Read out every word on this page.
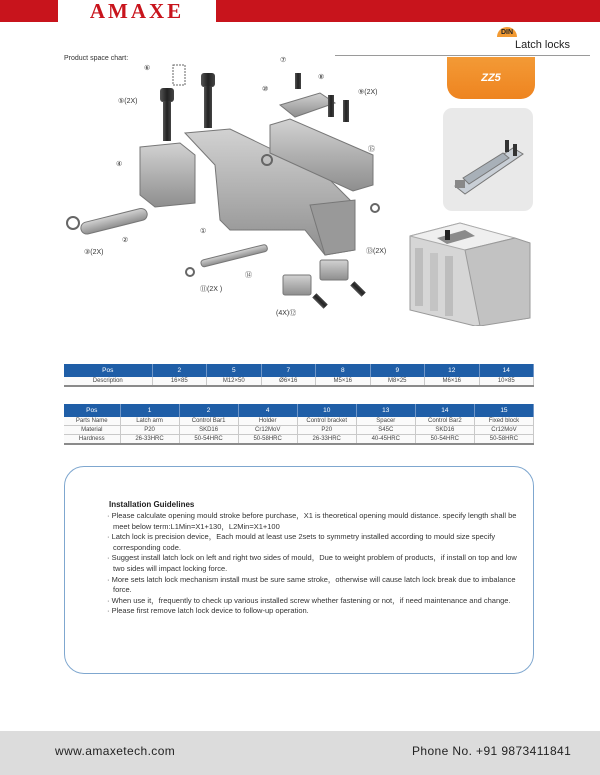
AMAXE
DIN
Latch locks
ZZ5
Product space chart:
⑥
⑤(2X)
⑦
⑧
⑩	⑨(2X)
⑮
④
①
②
③(2X)	⑬(2X)
⑭
⑪(2X )
(4X)⑫
Pos	2	5	7	8	9	12	14
Description	16×85	M12×50	Ø6×16	M5×16	M8×25	M6×16	10×85
Pos	1	2	4	10	13	14	15
Parts Name	Latch arm	Control Bar1	Holder	Control bracket	Spacer	Control Bar2	Fixed block
Material	P20	SKD16	Cr12MoV	P20	S45C	SKD16	Cr12MoV
Hardness	26-33HRC	50-54HRC	50-58HRC	26-33HRC	40-45HRC	50-54HRC	50-58HRC
Installation Guidelines
· Please calculate opening mould stroke before purchase，X1 is theoretical opening mould distance. specify length shall be meet below term:L1Min=X1+130，L2Min=X1+100
· Latch lock is precision device，Each mould at least use 2sets to symmetry installed according to mould size specify corresponding code.
· Suggest install latch lock on left and right two sides of mould，Due to weight problem of products，if install on top and low two sides will impact locking force.
· More sets latch lock mechanism install must be sure same stroke，otherwise will cause latch lock break due to imbalance force.
· When use it，frequently to check up various installed screw whether fastening or not，if need maintenance and change.
· Please first remove latch lock device to follow-up operation.
www.amaxetech.com	Phone No. +91 9873411841
